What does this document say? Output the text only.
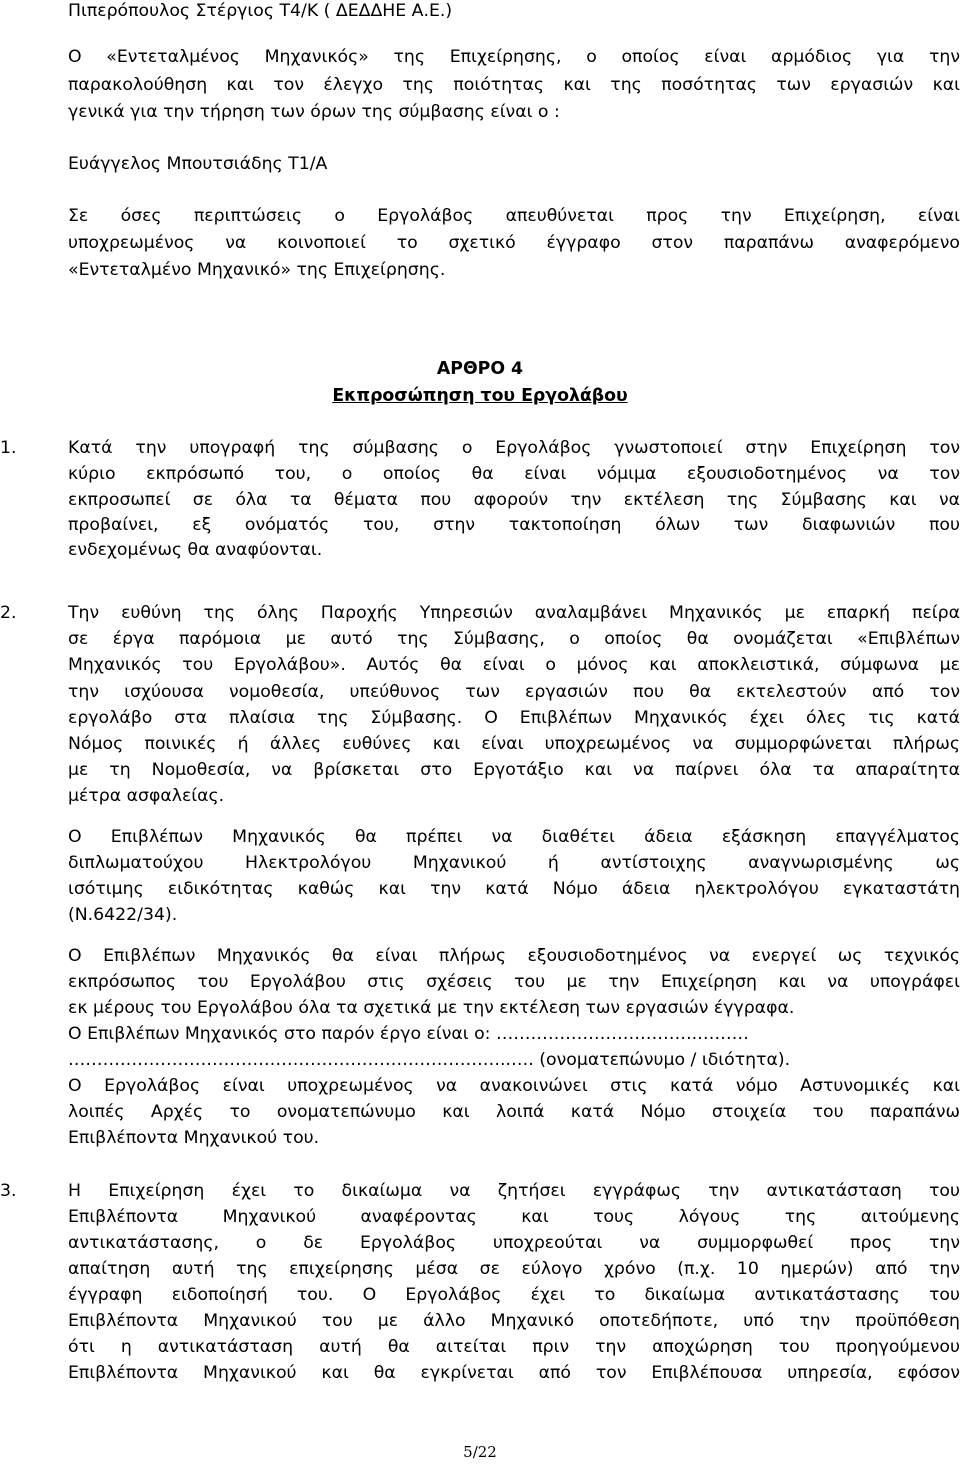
Πιπερόπουλος Στέργιος Τ4/Κ ( ΔΕΔΔΗΕ Α.Ε.)
Ο «Εντεταλμένος Μηχανικός» της Επιχείρησης, ο οποίος είναι αρμόδιος για την
παρακολούθηση και τον έλεγχο της ποιότητας και της ποσότητας των εργασιών και
γενικά για την τήρηση των όρων της σύμβασης είναι ο :
Ευάγγελος Μπουτσιάδης Τ1/Α
Σε όσες περιπτώσεις ο Εργολάβος απευθύνεται προς την Επιχείρηση, είναι
υποχρεωμένος να κοινοποιεί το σχετικό έγγραφο στον παραπάνω αναφερόμενο
«Εντεταλμένο Μηχανικό» της Επιχείρησης.
ΑΡΘΡΟ 4
Εκπροσώπηση του Εργολάβου
1.	Κατά την υπογραφή της σύμβασης ο Εργολάβος γνωστοποιεί στην Επιχείρηση τον
κύριο εκπρόσωπό του, ο οποίος θα είναι νόμιμα εξουσιοδοτημένος να τον
εκπροσωπεί σε όλα τα θέματα που αφορούν την εκτέλεση της Σύμβασης και να
προβαίνει, εξ ονόματός του, στην τακτοποίηση όλων των διαφωνιών που
ενδεχομένως θα αναφύονται.
2.	Την ευθύνη της όλης Παροχής Υπηρεσιών αναλαμβάνει Μηχανικός με επαρκή πείρα
σε έργα παρόμοια με αυτό της Σύμβασης, ο οποίος θα ονομάζεται «Επιβλέπων
Μηχανικός του Εργολάβου». Αυτός θα είναι ο μόνος και αποκλειστικά, σύμφωνα με
την ισχύουσα νομοθεσία, υπεύθυνος των εργασιών που θα εκτελεστούν από τον
εργολάβο στα πλαίσια της Σύμβασης. Ο Επιβλέπων Μηχανικός έχει όλες τις κατά
Νόμος ποινικές ή άλλες ευθύνες και είναι υποχρεωμένος να συμμορφώνεται πλήρως
με τη Νομοθεσία, να βρίσκεται στο Εργοτάξιο και να παίρνει όλα τα απαραίτητα
μέτρα ασφαλείας.
Ο Επιβλέπων Μηχανικός θα πρέπει να διαθέτει άδεια εξάσκηση επαγγέλματος
διπλωματούχου Ηλεκτρολόγου Μηχανικού ή αντίστοιχης αναγνωρισμένης ως
ισότιμης ειδικότητας καθώς και την κατά Νόμο άδεια ηλεκτρολόγου εγκαταστάτη
(Ν.6422/34).
Ο Επιβλέπων Μηχανικός θα είναι πλήρως εξουσιοδοτημένος να ενεργεί ως τεχνικός
εκπρόσωπος του Εργολάβου στις σχέσεις του με την Επιχείρηση και να υπογράφει
εκ μέρους του Εργολάβου όλα τα σχετικά με την εκτέλεση των εργασιών έγγραφα.
Ο Επιβλέπων Μηχανικός στο παρόν έργο είναι ο: ……………………………..………
…………………………………………………………………..…. (ονοματεπώνυμο / ιδιότητα).
Ο Εργολάβος είναι υποχρεωμένος να ανακοινώνει στις κατά νόμο Αστυνομικές και
λοιπές Αρχές το ονοματεπώνυμο και λοιπά κατά Νόμο στοιχεία του παραπάνω
Επιβλέποντα Μηχανικού του.
3.	Η Επιχείρηση έχει το δικαίωμα να ζητήσει εγγράφως την αντικατάσταση του
Επιβλέποντα Μηχανικού αναφέροντας και τους λόγους της αιτούμενης
αντικατάστασης, ο δε Εργολάβος υποχρεούται να συμμορφωθεί προς την
απαίτηση αυτή της επιχείρησης μέσα σε εύλογο χρόνο (π.χ. 10 ημερών) από την
έγγραφη ειδοποίησή του. Ο Εργολάβος έχει το δικαίωμα αντικατάστασης του
Επιβλέποντα Μηχανικού του με άλλο Μηχανικό οποτεδήποτε, υπό την προϋπόθεση
ότι η αντικατάσταση αυτή θα αιτείται πριν την αποχώρηση του προηγούμενου
Επιβλέποντα Μηχανικού και θα εγκρίνεται από τον Επιβλέπουσα υπηρεσία, εφόσον
5/22
